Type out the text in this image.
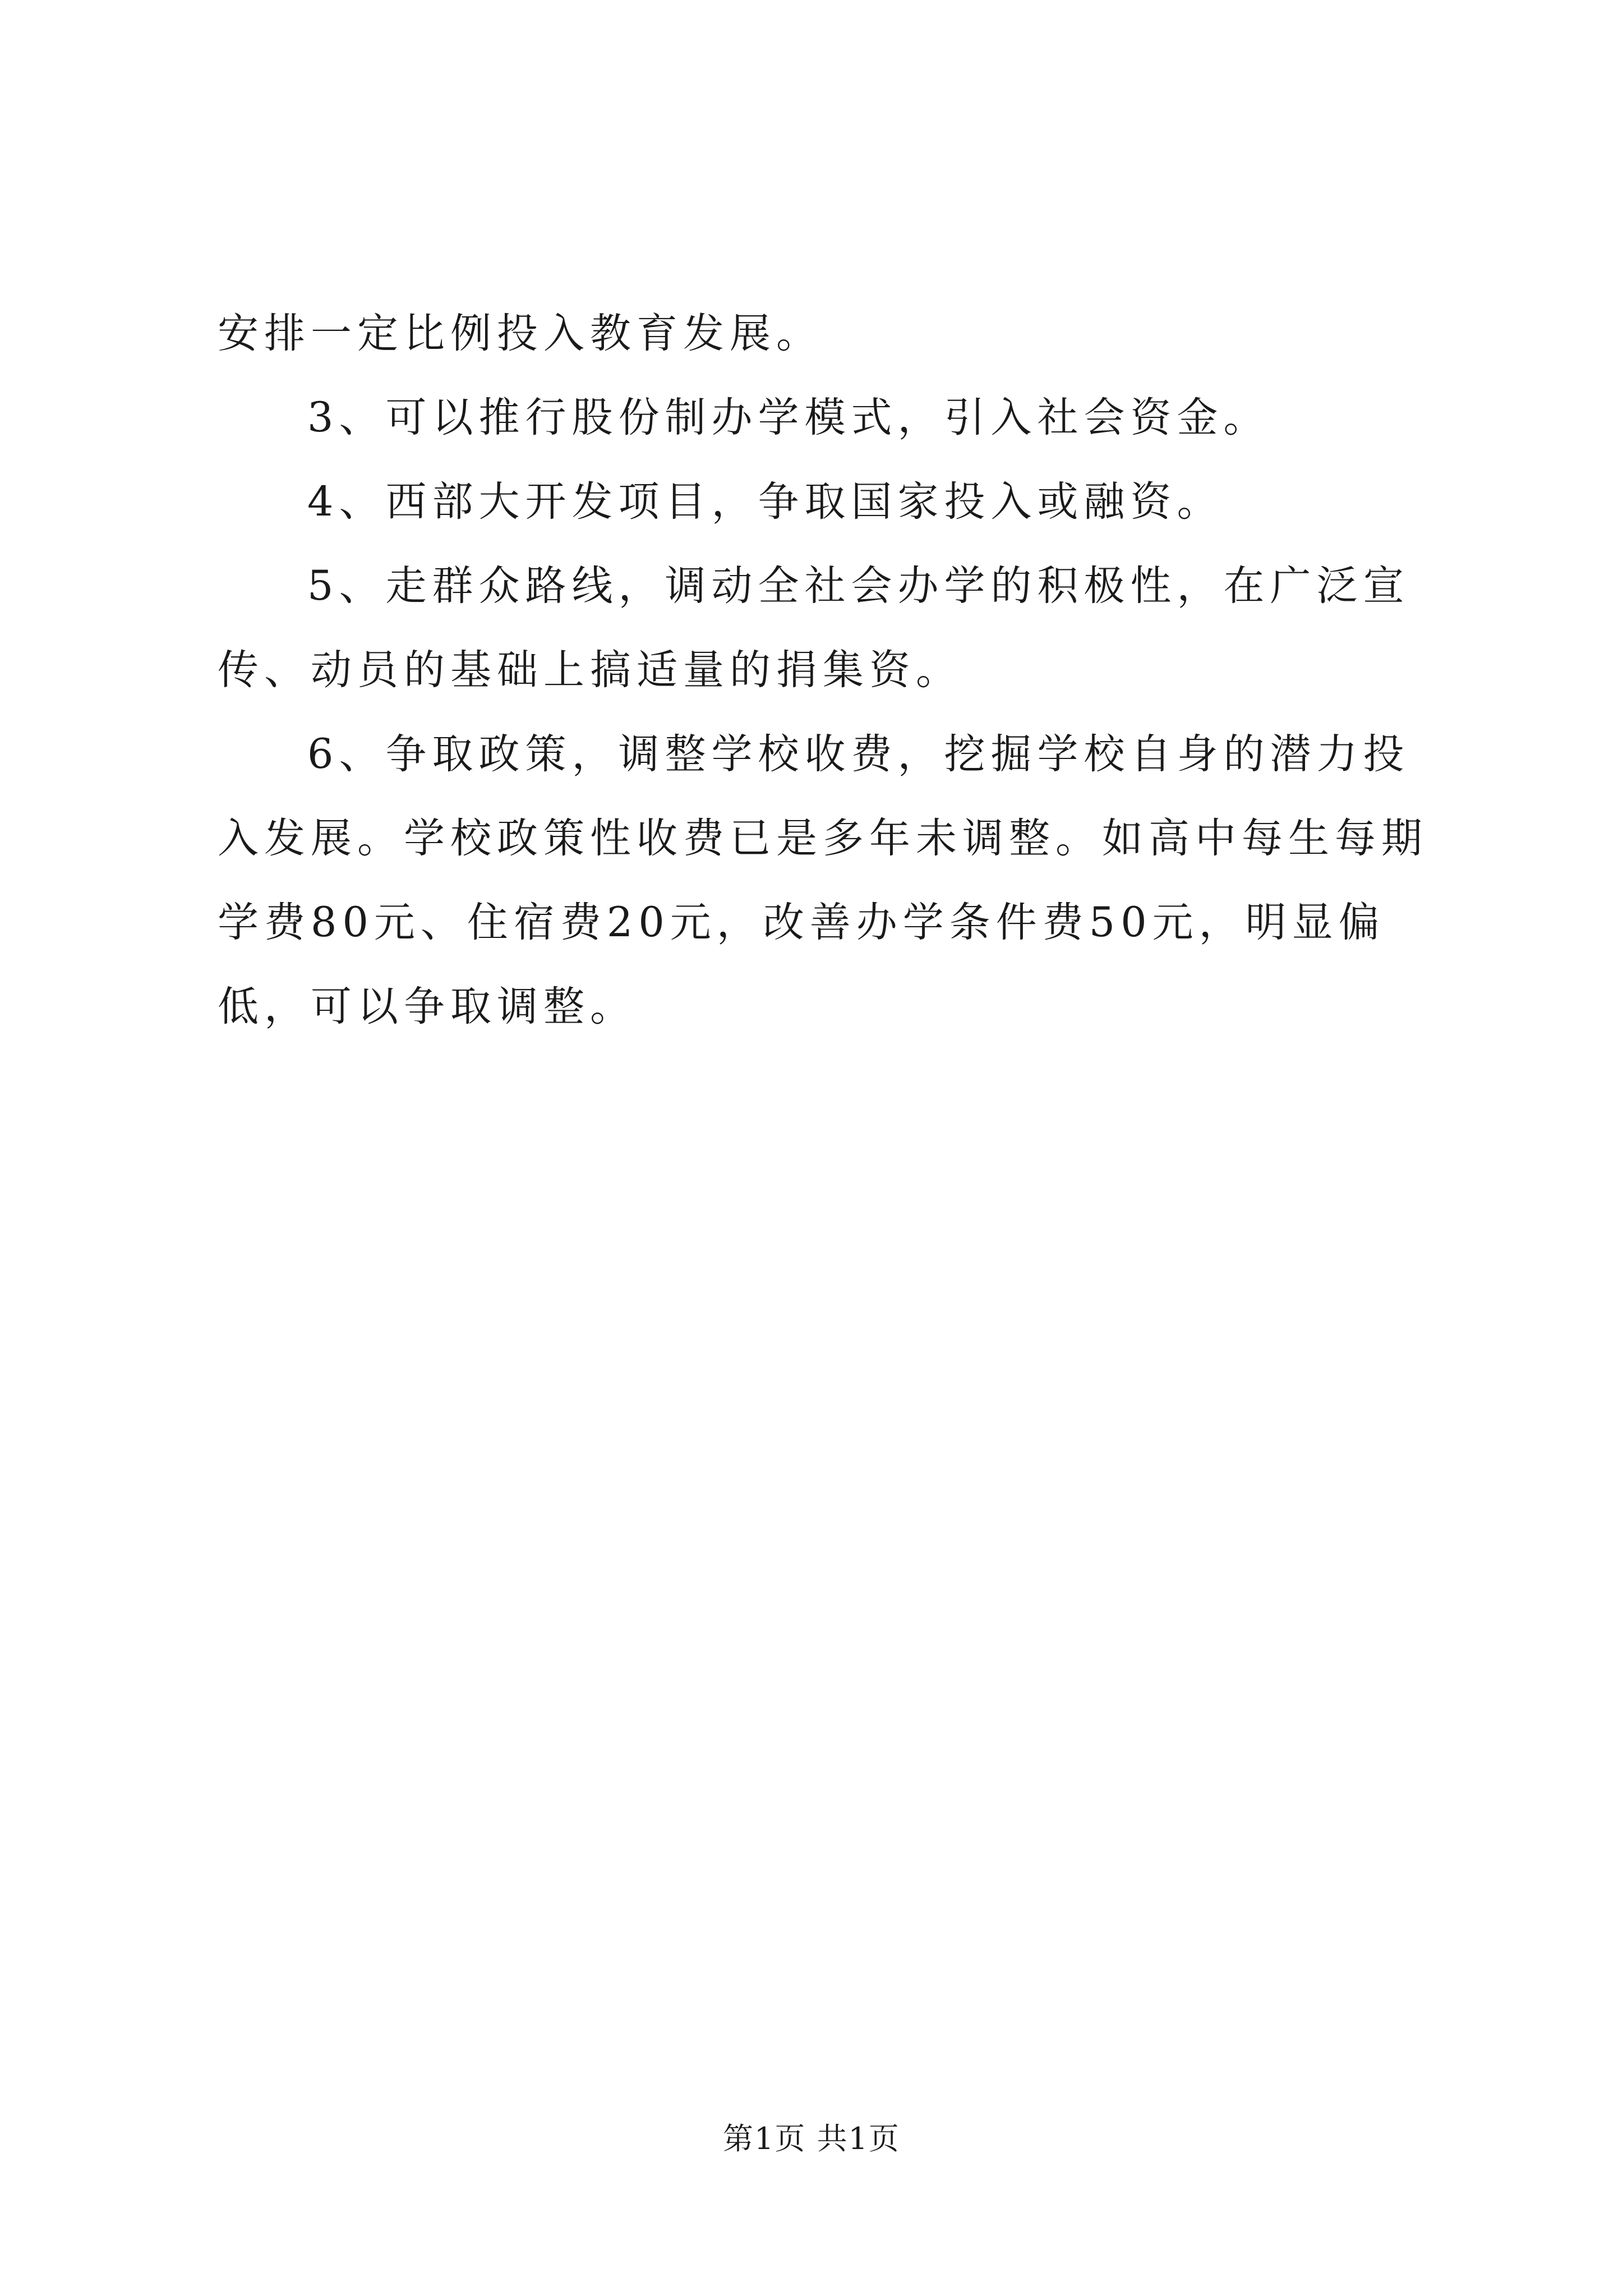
安排一定比例投入教育发展。

3、可以推行股份制办学模式，引入社会资金。

4、西部大开发项目，争取国家投入或融资。

5、走群众路线，调动全社会办学的积极性，在广泛宣传、动员的基础上搞适量的捐集资。

6、争取政策，调整学校收费，挖掘学校自身的潜力投入发展。学校政策性收费已是多年未调整。如高中每生每期学费80元、住宿费20元，改善办学条件费50元，明显偏低，可以争取调整。

第1页 共1页
